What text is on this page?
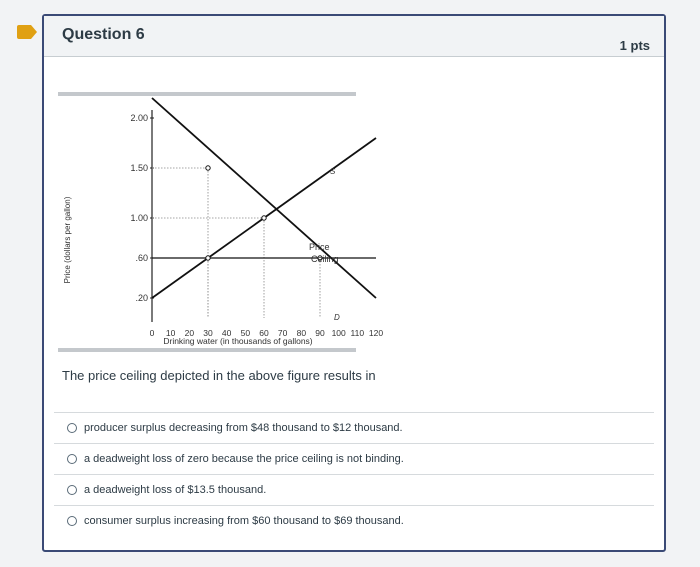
Question 6
1 pts
Price (dollars per gallon)
.20
.60
1.00
1.50
2.00
0 10 20 30 40 50 60 70 80 90 100 110 120
Drinking water (in thousands of gallons)
S
D
Price
Ceiling
The price ceiling depicted in the above figure results in
producer surplus decreasing from $48 thousand to $12 thousand.
a deadweight loss of zero because the price ceiling is not binding.
a deadweight loss of $13.5 thousand.
consumer surplus increasing from $60 thousand to $69 thousand.
